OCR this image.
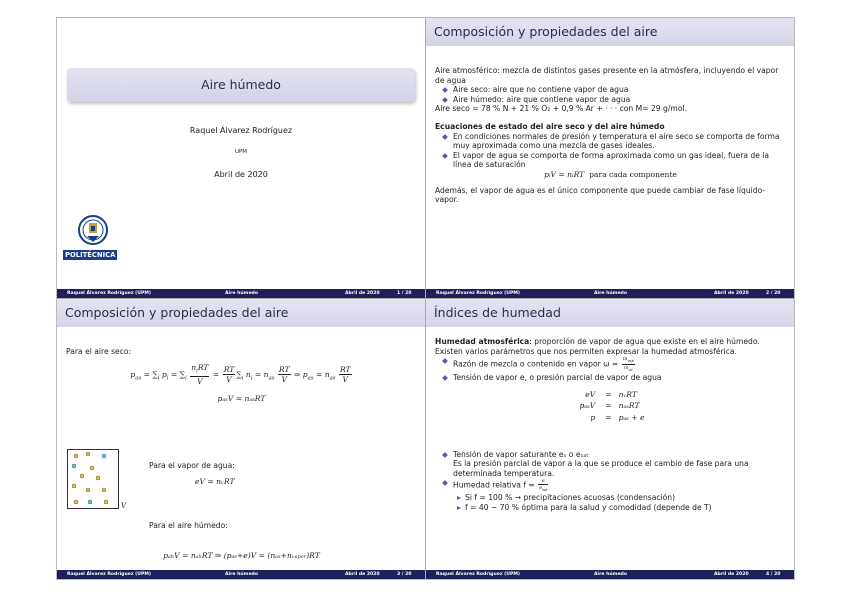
Aire húmedo
Raquel Álvarez Rodríguez
UPM
Abril de 2020
POLITÉCNICA
Raquel Álvarez Rodríguez (UPM)	Aire húmedo	Abril de 2020	1 / 20
Composición y propiedades del aire
Aire atmosférico: mezcla de distintos gases presente en la atmósfera, incluyendo el vapor de agua
Aire seco: aire que no contiene vapor de agua
Aire húmedo: aire que contiene vapor de agua
Aire seco = 78 % N + 21 % O₂ + 0,9 % Ar + · · · con M= 29 g/mol.
Ecuaciones de estado del aire seco y del aire húmedo
En condiciones normales de presión y temperatura el aire seco se comporta de forma muy aproximada como una mezcla de gases ideales.
El vapor de agua se comporta de forma aproximada como un gas ideal, fuera de la línea de saturación
pᵢV = nᵢRT para cada componente
Además, el vapor de agua es el único componente que puede cambiar de fase líquido-vapor.
Raquel Álvarez Rodríguez (UPM)	Aire húmedo	Abril de 2020	2 / 20
Composición y propiedades del aire
Para el aire seco:
$p_{as} = \sum_i$ $p_i = \sum_i \frac{n_iRT}{V} = \frac{RT}{V} \sum_i$ $n_i = n_{as} \frac{RT}{V}$ ⇒ $p_{as} = n_{as} \frac{RT}{V}$
pₐₛV = nₐₛRT
V
Para el vapor de agua:
eV = nᵥRT
Para el aire húmedo:
pₐₕV = nₐₕRT ⇒ (pₐₛ+e)V = (nₐₛ+nᵥₐₚₒᵣ)RT
Raquel Álvarez Rodríguez (UPM)	Aire húmedo	Abril de 2020	3 / 20
Índices de humedad
Humedad atmosférica: proporción de vapor de agua que existe en el aire húmedo. Existen varios parámetros que nos permiten expresar la humedad atmosférica.
Razón de mezcla o contenido en vapor $\omega = \frac{m_{vap}}{m_{as}}$
Tensión de vapor e, o presión parcial de vapor de agua
eV	=	nᵥRT
pₐₛV	=	nₐₛRT
p	=	pₐₛ + e
Tensión de vapor saturante eₛ o eₛₐₜ
Es la presión parcial de vapor a la que se produce el cambio de fase para una determinada temperatura.
Humedad relativa $f = \frac{e}{e_{sat}}$
Si f = 100 % → precipitaciones acuosas (condensación)
f = 40 − 70 % óptima para la salud y comodidad (depende de T)
Raquel Álvarez Rodríguez (UPM)	Aire húmedo	Abril de 2020	4 / 20
